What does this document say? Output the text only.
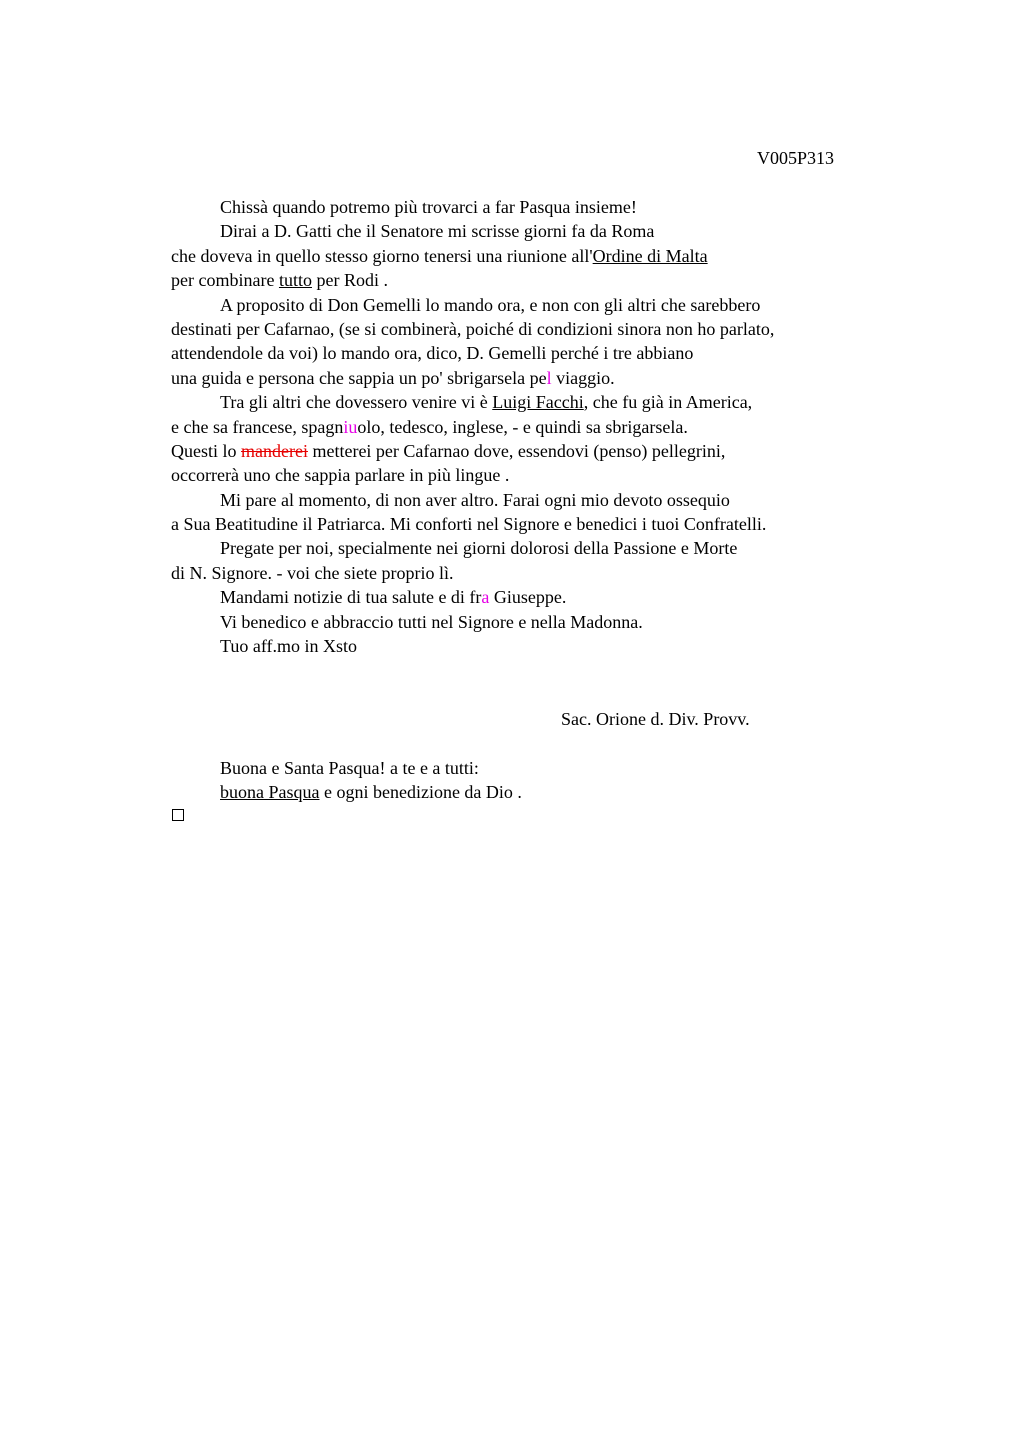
V005P313
Chissà quando potremo più trovarci a far Pasqua insieme!
Dirai a D. Gatti che il Senatore mi scrisse giorni fa da Roma
che doveva in quello stesso giorno tenersi una riunione all'Ordine di Malta
per combinare tutto per Rodi .
A proposito di Don Gemelli lo mando ora, e non con gli altri che sarebbero
destinati per Cafarnao, (se si combinerà, poiché di condizioni sinora non ho parlato,
attendendole da voi) lo mando ora, dico, D. Gemelli perché i tre abbiano
una guida e persona che sappia un po' sbrigarsela pel viaggio.
Tra gli altri che dovessero venire vi è Luigi Facchi, che fu già in America,
e che sa francese, spagniuolo, tedesco, inglese, - e quindi sa sbrigarsela.
Questi lo manderei metterei per Cafarnao dove, essendovi (penso) pellegrini,
occorrerà uno che sappia parlare in più lingue .
Mi pare al momento, di non aver altro. Farai ogni mio devoto ossequio
a Sua Beatitudine il Patriarca. Mi conforti nel Signore e benedici i tuoi Confratelli.
Pregate per noi, specialmente nei giorni dolorosi della Passione e Morte
di N. Signore. - voi che siete proprio lì.
Mandami notizie di tua salute e di fra Giuseppe.
Vi benedico e abbraccio tutti nel Signore e nella Madonna.
Tuo aff.mo in Xsto
Sac. Orione d. Div. Provv.
Buona e Santa Pasqua! a te e a tutti:
buona Pasqua e ogni benedizione da Dio .
